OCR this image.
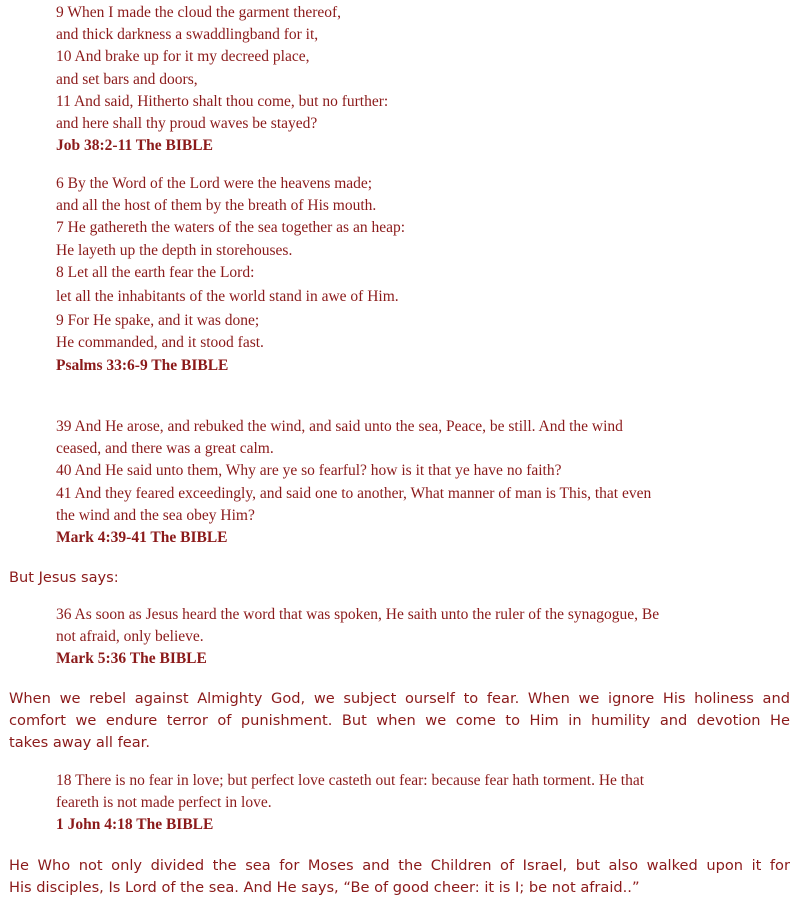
9 When I made the cloud the garment thereof,
and thick darkness a swaddlingband for it,
10 And brake up for it my decreed place,
and set bars and doors,
11 And said, Hitherto shalt thou come, but no further:
and here shall thy proud waves be stayed?
Job 38:2-11 The BIBLE
6 By the Word of the Lord were the heavens made;
and all the host of them by the breath of His mouth.
7 He gathereth the waters of the sea together as an heap:
He layeth up the depth in storehouses.
8 Let all the earth fear the Lord:
let all the inhabitants of the world stand in awe of Him.
9 For He spake, and it was done;
He commanded, and it stood fast.
Psalms 33:6-9 The BIBLE
39 And He arose, and rebuked the wind, and said unto the sea, Peace, be still. And the wind
ceased, and there was a great calm.
40 And He said unto them, Why are ye so fearful? how is it that ye have no faith?
41 And they feared exceedingly, and said one to another, What manner of man is This, that even
the wind and the sea obey Him?
Mark 4:39-41 The BIBLE
But Jesus says:
36 As soon as Jesus heard the word that was spoken, He saith unto the ruler of the synagogue, Be
not afraid, only believe.
Mark 5:36 The BIBLE
When we rebel against Almighty God, we subject ourself to fear. When we ignore His holiness and
comfort we endure terror of punishment. But when we come to Him in humility and devotion He
takes away all fear.
18 There is no fear in love; but perfect love casteth out fear: because fear hath torment. He that
feareth is not made perfect in love.
1 John 4:18 The BIBLE
He Who not only divided the sea for Moses and the Children of Israel, but also walked upon it for
His disciples, Is Lord of the sea. And He says, “Be of good cheer: it is I; be not afraid..”
